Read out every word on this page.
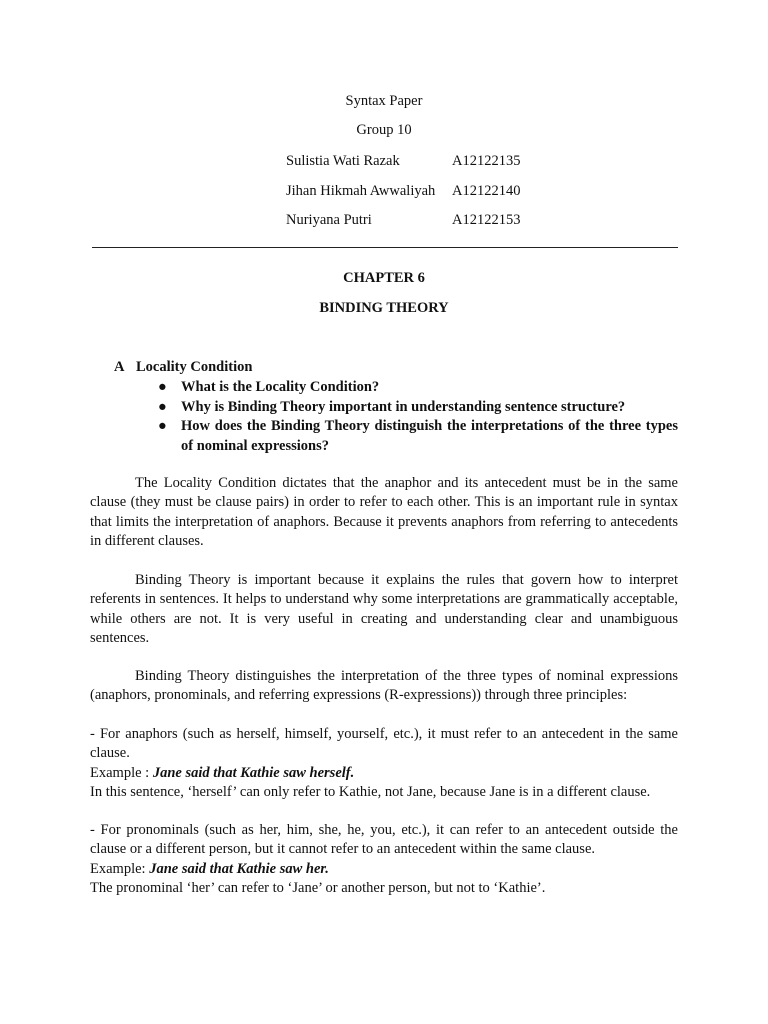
Syntax Paper
Group 10
Sulistia Wati Razak	A12122135
Jihan Hikmah Awwaliyah A12122140
Nuriyana Putri	A12122153
CHAPTER 6
BINDING THEORY
A Locality Condition
● What is the Locality Condition?
● Why is Binding Theory important in understanding sentence structure?
● How does the Binding Theory distinguish the interpretations of the three types of nominal expressions?

The Locality Condition dictates that the anaphor and its antecedent must be in the same clause (they must be clause pairs) in order to refer to each other. This is an important rule in syntax that limits the interpretation of anaphors. Because it prevents anaphors from referring to antecedents in different clauses.

Binding Theory is important because it explains the rules that govern how to interpret referents in sentences. It helps to understand why some interpretations are grammatically acceptable, while others are not. It is very useful in creating and understanding clear and unambiguous sentences.

Binding Theory distinguishes the interpretation of the three types of nominal expressions (anaphors, pronominals, and referring expressions (R-expressions)) through three principles:

- For anaphors (such as herself, himself, yourself, etc.), it must refer to an antecedent in the same clause.
Example : Jane said that Kathie saw herself.
In this sentence, ‘herself’ can only refer to Kathie, not Jane, because Jane is in a different clause.
- For pronominals (such as her, him, she, he, you, etc.), it can refer to an antecedent outside the clause or a different person, but it cannot refer to an antecedent within the same clause.
Example: Jane said that Kathie saw her.
The pronominal ‘her’ can refer to ‘Jane’ or another person, but not to ‘Kathie’.
